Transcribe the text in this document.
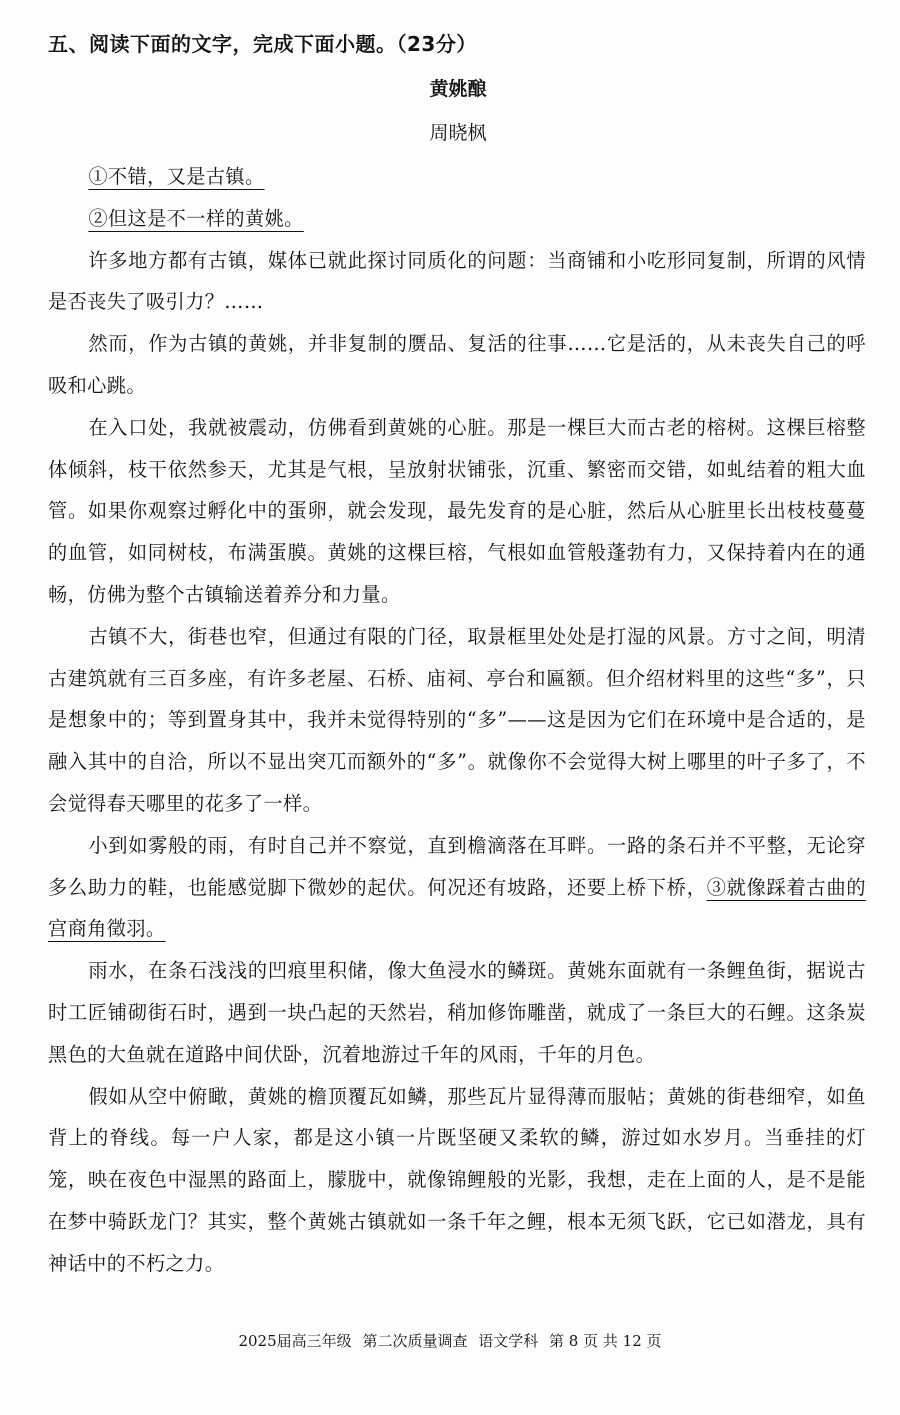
五、阅读下面的文字，完成下面小题。（23分）
黄姚酿
周晓枫

①不错，又是古镇。

②但这是不一样的黄姚。

许多地方都有古镇，媒体已就此探讨同质化的问题：当商铺和小吃形同复制，所谓的风情是否丧失了吸引力？……

然而，作为古镇的黄姚，并非复制的赝品、复活的往事……它是活的，从未丧失自己的呼吸和心跳。

在入口处，我就被震动，仿佛看到黄姚的心脏。那是一棵巨大而古老的榕树。这棵巨榕整体倾斜，枝干依然参天，尤其是气根，呈放射状铺张，沉重、繁密而交错，如虬结着的粗大血管。如果你观察过孵化中的蛋卵，就会发现，最先发育的是心脏，然后从心脏里长出枝枝蔓蔓的血管，如同树枝，布满蛋膜。黄姚的这棵巨榕，气根如血管般蓬勃有力，又保持着内在的通畅，仿佛为整个古镇输送着养分和力量。

古镇不大，街巷也窄，但通过有限的门径，取景框里处处是打湿的风景。方寸之间，明清古建筑就有三百多座，有许多老屋、石桥、庙祠、亭台和匾额。但介绍材料里的这些“多”，只是想象中的；等到置身其中，我并未觉得特别的“多”——这是因为它们在环境中是合适的，是融入其中的自洽，所以不显出突兀而额外的“多”。就像你不会觉得大树上哪里的叶子多了，不会觉得春天哪里的花多了一样。

小到如雾般的雨，有时自己并不察觉，直到檐滴落在耳畔。一路的条石并不平整，无论穿多么助力的鞋，也能感觉脚下微妙的起伏。何况还有坡路，还要上桥下桥，③就像踩着古曲的宫商角徵羽。

雨水，在条石浅浅的凹痕里积储，像大鱼浸水的鳞斑。黄姚东面就有一条鲤鱼街，据说古时工匠铺砌街石时，遇到一块凸起的天然岩，稍加修饰雕凿，就成了一条巨大的石鲤。这条炭黑色的大鱼就在道路中间伏卧，沉着地游过千年的风雨，千年的月色。

假如从空中俯瞰，黄姚的檐顶覆瓦如鳞，那些瓦片显得薄而服帖；黄姚的街巷细窄，如鱼背上的脊线。每一户人家，都是这小镇一片既坚硬又柔软的鳞，游过如水岁月。当垂挂的灯笼，映在夜色中湿黑的路面上，朦胧中，就像锦鲤般的光影，我想，走在上面的人，是不是能在梦中骑跃龙门？其实，整个黄姚古镇就如一条千年之鲤，根本无须飞跃，它已如潜龙，具有神话中的不朽之力。

2025届高三年级 第二次质量调查 语文学科 第 8 页 共 12 页
